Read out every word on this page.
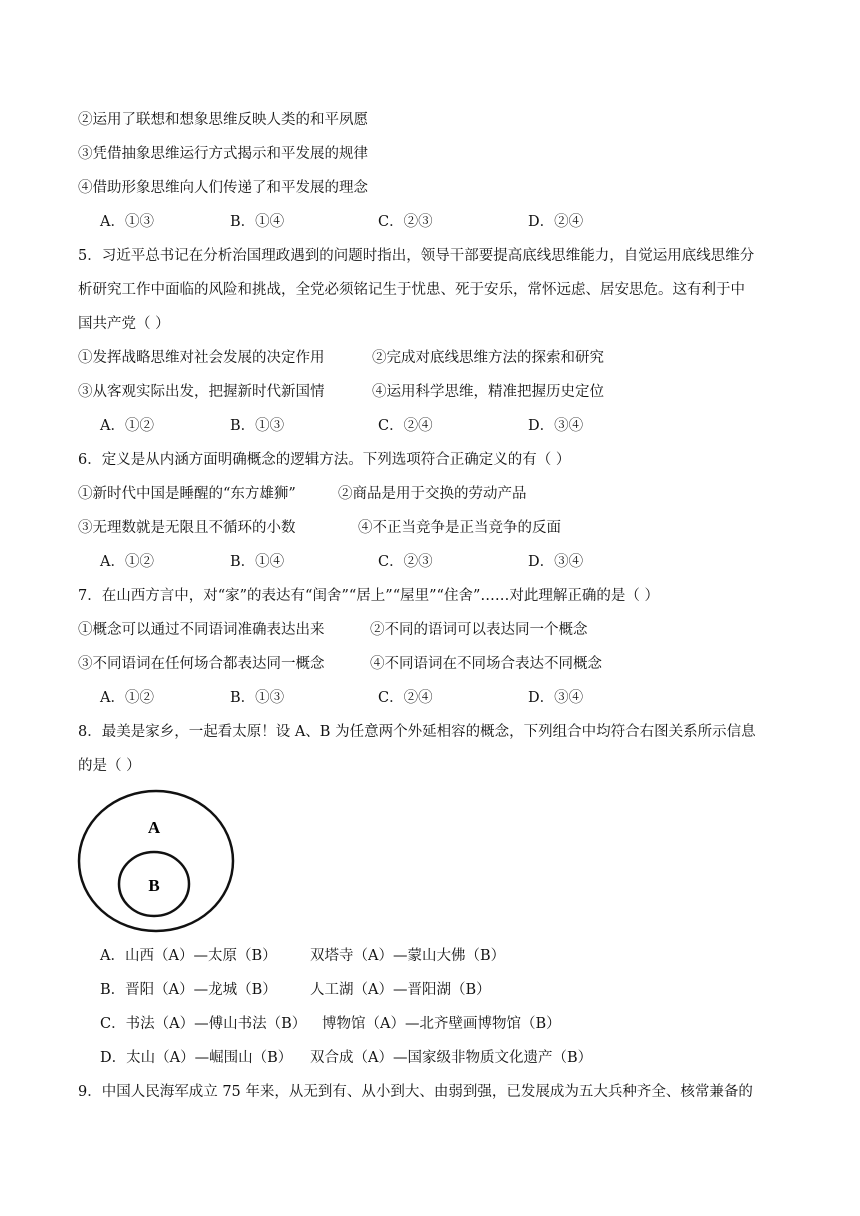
②运用了联想和想象思维反映人类的和平夙愿
③凭借抽象思维运行方式揭示和平发展的规律
④借助形象思维向人们传递了和平发展的理念
A．①③	B．①④	C．②③	D．②④
5．习近平总书记在分析治国理政遇到的问题时指出，领导干部要提高底线思维能力，自觉运用底线思维分
析研究工作中面临的风险和挑战，全党必须铭记生于忧患、死于安乐，常怀远虑、居安思危。这有利于中
国共产党（ ）
①发挥战略思维对社会发展的决定作用	②完成对底线思维方法的探索和研究
③从客观实际出发，把握新时代新国情	④运用科学思维，精准把握历史定位
A．①②	B．①③	C．②④	D．③④
6．定义是从内涵方面明确概念的逻辑方法。下列选项符合正确定义的有（ ）
①新时代中国是睡醒的“东方雄狮”	②商品是用于交换的劳动产品
③无理数就是无限且不循环的小数	④不正当竞争是正当竞争的反面
A．①②	B．①④	C．②③	D．③④
7．在山西方言中，对“家”的表达有“闺舍”“居上”“屋里”“住舍”……对此理解正确的是（ ）
①概念可以通过不同语词准确表达出来	②不同的语词可以表达同一个概念
③不同语词在任何场合都表达同一概念	④不同语词在不同场合表达不同概念
A．①②	B．①③	C．②④	D．③④
8．最美是家乡，一起看太原！设 A、B 为任意两个外延相容的概念，下列组合中均符合右图关系所示信息
的是（ ）
A
B
A．山西（A）—太原（B） 双塔寺（A）—蒙山大佛（B）
B．晋阳（A）—龙城（B） 人工湖（A）—晋阳湖（B）
C．书法（A）—傅山书法（B） 博物馆（A）—北齐壁画博物馆（B）
D．太山（A）—崛围山（B） 双合成（A）—国家级非物质文化遗产（B）
9．中国人民海军成立 75 年来，从无到有、从小到大、由弱到强，已发展成为五大兵种齐全、核常兼备的
